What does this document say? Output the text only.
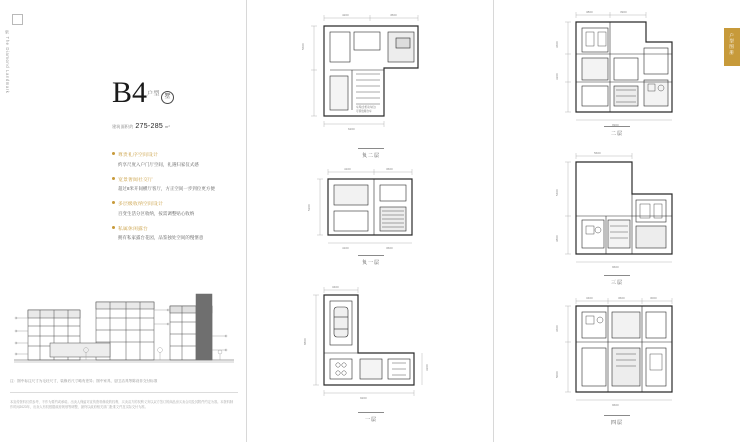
紫 The Diamond Landmark	$B4^{户型}$ 墅
建筑面积约 275-285 m²
尊贵礼序空间设计
约享尺度入户门厅空间，礼遇归家仪式感
宽景奢阔社交厅
超过8米开间横厅客厅，方正空间一步到位更方便
多层级收纳空间设计
百变生活分区收纳，按需调整贴心收纳
私属休闲露台
拥有私家露台花园，品鉴独处空间的慢惬意
注：图中标注尺寸为毛坯尺寸，装修后尺寸略有差异；图中家具、厨卫洁具等陈设非交付标准
本宣传资料仅供参考，不作为要约或承诺。出卖人保留对宣传资料修改的权利，买卖双方的权利义务以双方签订的商品房买卖合同及其附件约定为准。本资料制作时间2023年，出卖人有权根据政府规划等调整，最终以政府相关部门批准文件及实际交付为准。
4200	4500
5600
6200
车库(含机动车位)
可停放两台车
负二层
4100	3600
5200
4100	3600
负一层
3400
8800
9200
3200
一层
3800	3900
3600
3200
9900
二层
5600
5400
3800
9600
三层
3400	3600	3000
3600
5000
9600
四层
户型图册
